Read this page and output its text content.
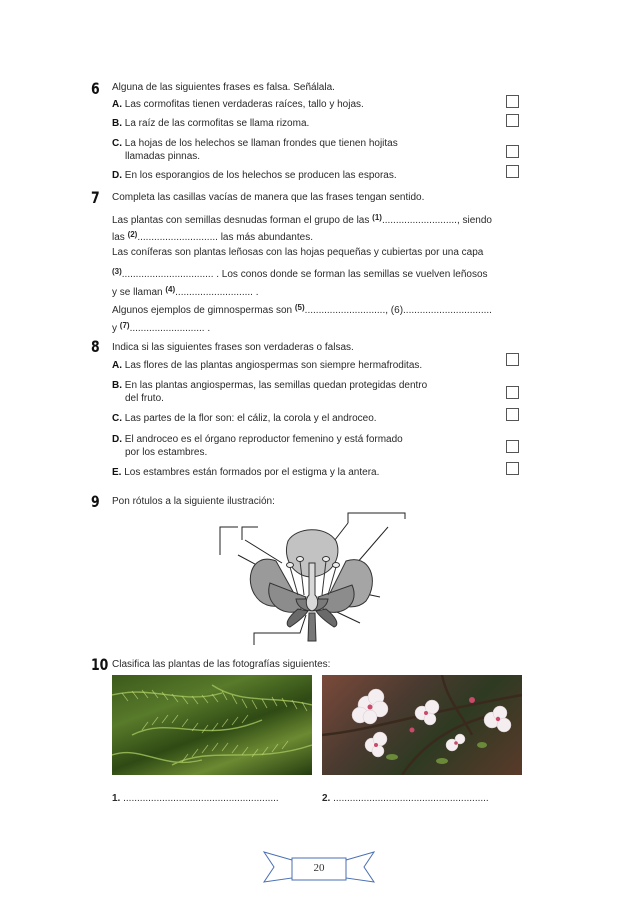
6 Alguna de las siguientes frases es falsa. Señálala.
A. Las cormofitas tienen verdaderas raíces, tallo y hojas.
B. La raíz de las cormofitas se llama rizoma.
C. La hojas de los helechos se llaman frondes que tienen hojitas
llamadas pinnas.
D. En los esporangios de los helechos se producen las esporas.
7 Completa las casillas vacías de manera que las frases tengan sentido.
Las plantas con semillas desnudas forman el grupo de las $^{(1)}$..........................., siendo
las $^{(2)}$............................. las más abundantes.
Las coníferas son plantas leñosas con las hojas pequeñas y cubiertas por una capa
$^{(3)}$................................. . Los conos donde se forman las semillas se vuelven leñosos
y se llaman $^{(4)}$............................ .
Algunos ejemplos de gimnospermas son $^{(5)}$............................., (6)................................
y $^{(7)}$........................... .
8 Indica si las siguientes frases son verdaderas o falsas.
A. Las flores de las plantas angiospermas son siempre hermafroditas.
B. En las plantas angiospermas, las semillas quedan protegidas dentro
del fruto.
C. Las partes de la flor son: el cáliz, la corola y el androceo.
D. El androceo es el órgano reproductor femenino y está formado
por los estambres.
E. Los estambres están formados por el estigma y la antera.
9 Pon rótulos a la siguiente ilustración:
10 Clasifica las plantas de las fotografías siguientes:
1. ........................................................	2. ........................................................
20
